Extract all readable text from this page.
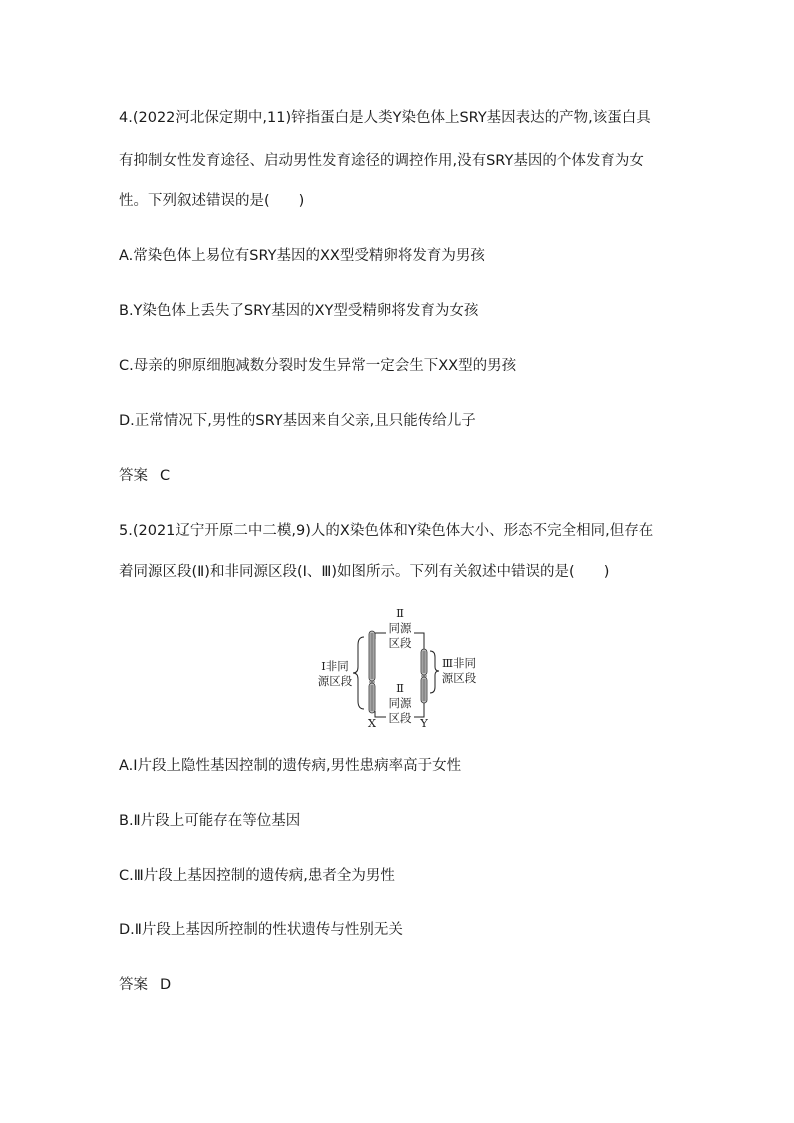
4.(2022河北保定期中,11)锌指蛋白是人类Y染色体上SRY基因表达的产物,该蛋白具
有抑制女性发育途径、启动男性发育途径的调控作用,没有SRY基因的个体发育为女
性。下列叙述错误的是(　　)
A.常染色体上易位有SRY基因的XX型受精卵将发育为男孩
B.Y染色体上丢失了SRY基因的XY型受精卵将发育为女孩
C.母亲的卵原细胞减数分裂时发生异常一定会生下XX型的男孩
D.正常情况下,男性的SRY基因来自父亲,且只能传给儿子
答案 C
5.(2021辽宁开原二中二模,9)人的X染色体和Y染色体大小、形态不完全相同,但存在
着同源区段(Ⅱ)和非同源区段(Ⅰ、Ⅲ)如图所示。下列有关叙述中错误的是(　　)
Ⅱ
同源
区段
Ⅰ非同
源区段
Ⅲ非同
源区段
Ⅱ
同源
区段
X	Y
A.Ⅰ片段上隐性基因控制的遗传病,男性患病率高于女性
B.Ⅱ片段上可能存在等位基因
C.Ⅲ片段上基因控制的遗传病,患者全为男性
D.Ⅱ片段上基因所控制的性状遗传与性别无关
答案 D
